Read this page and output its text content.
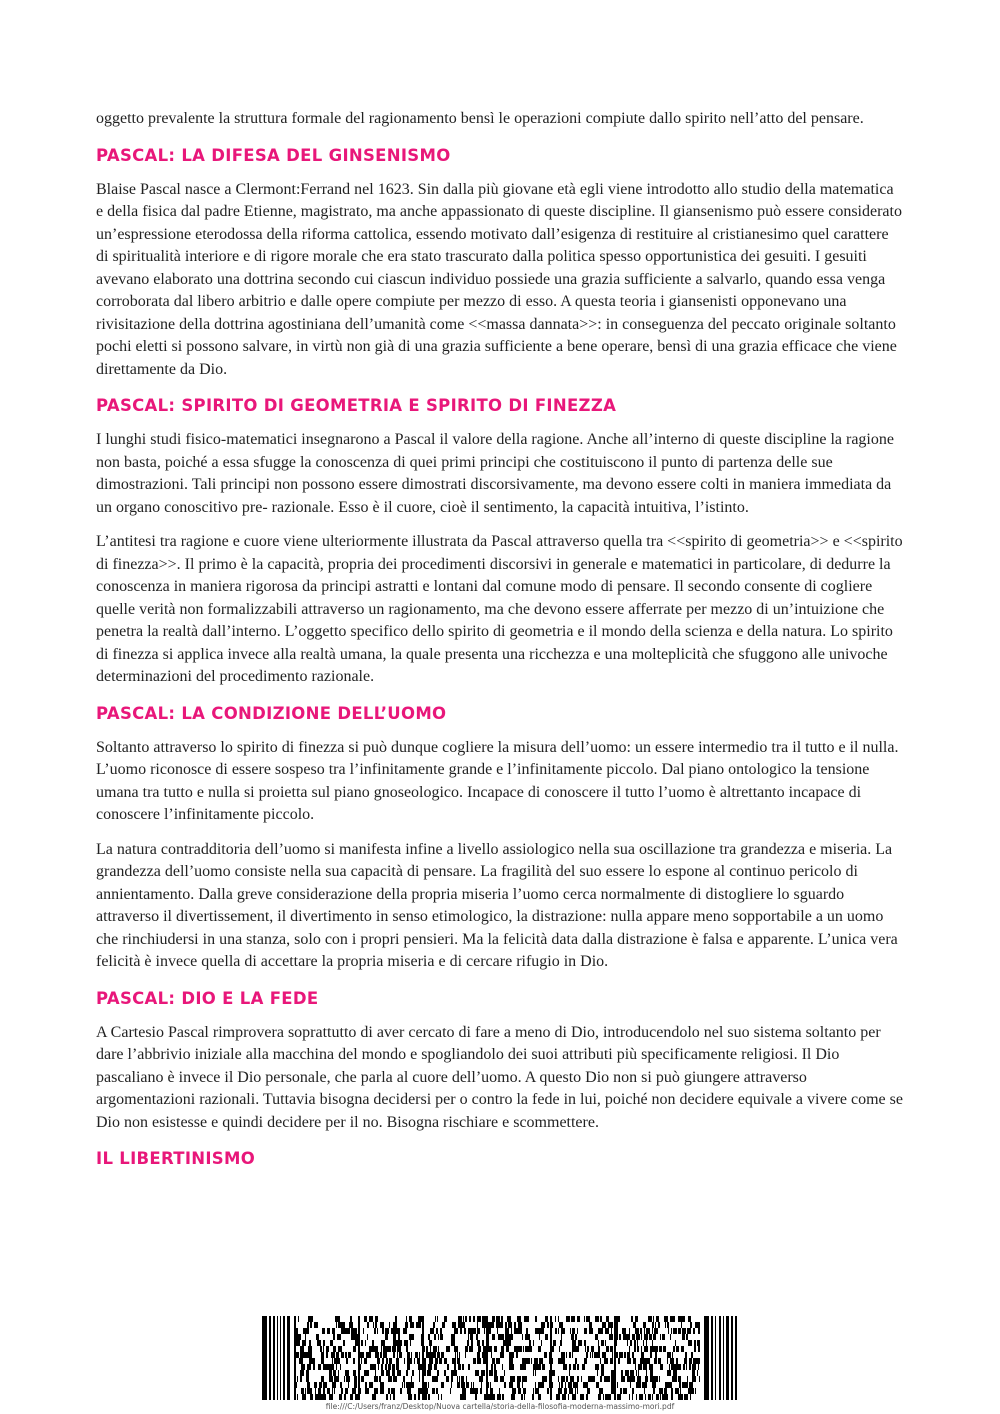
oggetto prevalente la struttura formale del ragionamento bensì le operazioni compiute dallo spirito nell’atto del pensare.

PASCAL: LA DIFESA DEL GINSENISMO

Blaise Pascal nasce a Clermont:Ferrand nel 1623. Sin dalla più giovane età egli viene introdotto allo studio della matematica e della fisica dal padre Etienne, magistrato, ma anche appassionato di queste discipline. Il giansenismo può essere considerato un’espressione eterodossa della riforma cattolica, essendo motivato dall’esigenza di restituire al cristianesimo quel carattere di spiritualità interiore e di rigore morale che era stato trascurato dalla politica spesso opportunistica dei gesuiti. I gesuiti avevano elaborato una dottrina secondo cui ciascun individuo possiede una grazia sufficiente a salvarlo, quando essa venga corroborata dal libero arbitrio e dalle opere compiute per mezzo di esso. A questa teoria i giansenisti opponevano una rivisitazione della dottrina agostiniana dell’umanità come <<massa dannata>>: in conseguenza del peccato originale soltanto pochi eletti si possono salvare, in virtù non già di una grazia sufficiente a bene operare, bensì di una grazia efficace che viene direttamente da Dio.

PASCAL: SPIRITO DI GEOMETRIA E SPIRITO DI FINEZZA

I lunghi studi fisico-matematici insegnarono a Pascal il valore della ragione. Anche all’interno di queste discipline la ragione non basta, poiché a essa sfugge la conoscenza di quei primi principi che costituiscono il punto di partenza delle sue dimostrazioni. Tali principi non possono essere dimostrati discorsivamente, ma devono essere colti in maniera immediata da un organo conoscitivo pre- razionale. Esso è il cuore, cioè il sentimento, la capacità intuitiva, l’istinto.

L’antitesi tra ragione e cuore viene ulteriormente illustrata da Pascal attraverso quella tra <<spirito di geometria>> e <<spirito di finezza>>. Il primo è la capacità, propria dei procedimenti discorsivi in generale e matematici in particolare, di dedurre la conoscenza in maniera rigorosa da principi astratti e lontani dal comune modo di pensare. Il secondo consente di cogliere quelle verità non formalizzabili attraverso un ragionamento, ma che devono essere afferrate per mezzo di un’intuizione che penetra la realtà dall’interno. L’oggetto specifico dello spirito di geometria e il mondo della scienza e della natura. Lo spirito di finezza si applica invece alla realtà umana, la quale presenta una ricchezza e una molteplicità che sfuggono alle univoche determinazioni del procedimento razionale.

PASCAL: LA CONDIZIONE DELL’UOMO

Soltanto attraverso lo spirito di finezza si può dunque cogliere la misura dell’uomo: un essere intermedio tra il tutto e il nulla. L’uomo riconosce di essere sospeso tra l’infinitamente grande e l’infinitamente piccolo. Dal piano ontologico la tensione umana tra tutto e nulla si proietta sul piano gnoseologico. Incapace di conoscere il tutto l’uomo è altrettanto incapace di conoscere l’infinitamente piccolo.

La natura contradditoria dell’uomo si manifesta infine a livello assiologico nella sua oscillazione tra grandezza e miseria. La grandezza dell’uomo consiste nella sua capacità di pensare. La fragilità del suo essere lo espone al continuo pericolo di annientamento. Dalla greve considerazione della propria miseria l’uomo cerca normalmente di distogliere lo sguardo attraverso il divertissement, il divertimento in senso etimologico, la distrazione: nulla appare meno sopportabile a un uomo che rinchiudersi in una stanza, solo con i propri pensieri. Ma la felicità data dalla distrazione è falsa e apparente. L’unica vera felicità è invece quella di accettare la propria miseria e di cercare rifugio in Dio.

PASCAL: DIO E LA FEDE

A Cartesio Pascal rimprovera soprattutto di aver cercato di fare a meno di Dio, introducendolo nel suo sistema soltanto per dare l’abbrivio iniziale alla macchina del mondo e spogliandolo dei suoi attributi più specificamente religiosi. Il Dio pascaliano è invece il Dio personale, che parla al cuore dell’uomo. A questo Dio non si può giungere attraverso argomentazioni razionali. Tuttavia bisogna decidersi per o contro la fede in lui, poiché non decidere equivale a vivere come se Dio non esistesse e quindi decidere per il no. Bisogna rischiare e scommettere.

IL LIBERTINISMO
file:///C:/Users/franz/Desktop/Nuova cartella/storia-della-filosofia-moderna-massimo-mori.pdf
